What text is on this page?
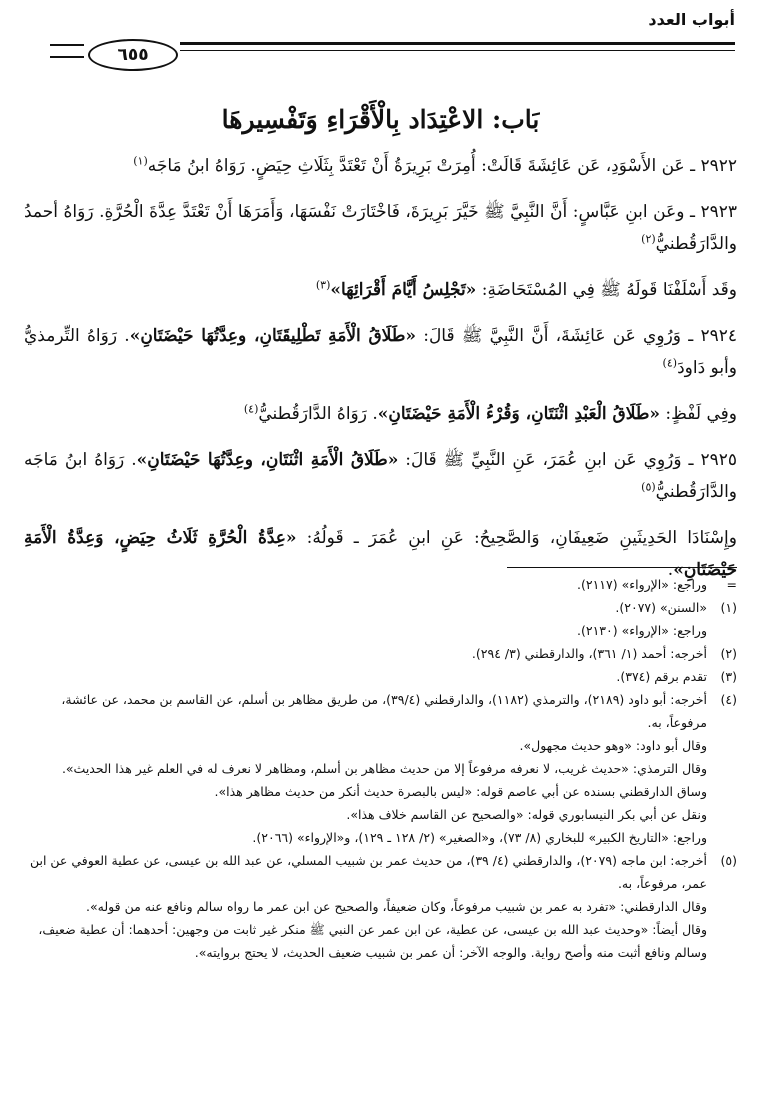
أبواب العدد
٦٥٥
بَاب: الاعْتِدَاد بِالْأَقْرَاءِ وَتَفْسِيرهَا

٢٩٢٢ ـ عَن الأَسْوَدِ، عَن عَائِشَةَ قَالَتْ: أُمِرَتْ بَرِيرَةُ أَنْ تَعْتَدَّ بِثَلَاثِ حِيَضٍ. رَوَاهُ ابنُ مَاجَه$^{(١)}$

٢٩٢٣ ـ وعَن ابنِ عَبَّاسٍ: أَنَّ النَّبِيَّ ﷺ خَيَّرَ بَرِيرَةَ، فَاخْتَارَتْ نَفْسَهَا، وَأَمَرَهَا أَنْ تَعْتَدَّ عِدَّةَ الْحُرَّةِ. رَوَاهُ أحمدُ والدَّارَقُطنيُّ$^{(٢)}$

وقَد أَسْلَفْنَا قَولَهُ ﷺ فِي المُسْتَحَاضَةِ: «تَجْلِسُ أَيَّامَ أَقْرَائِهَا»$^{(٣)}$

٢٩٢٤ ـ وَرُوِي عَن عَائِشَةَ، أَنَّ النَّبِيَّ ﷺ قَالَ: «طَلَاقُ الْأَمَةِ تَطْلِيقَتَانِ، وعِدَّتُهَا حَيْضَتَانِ». رَوَاهُ التِّرمذيُّ وأبو دَاودَ$^{(٤)}$

وفِي لَفْظٍ: «طَلَاقُ الْعَبْدِ اثْنَتَانِ، وَقُرْءُ الْأَمَةِ حَيْضَتَانِ». رَوَاهُ الدَّارَقُطنيُّ$^{(٤)}$

٢٩٢٥ ـ وَرُوِي عَن ابنِ عُمَرَ، عَنِ النَّبِيِّ ﷺ قَالَ: «طَلَاقُ الْأَمَةِ اثْنَتَانِ، وعِدَّتُهَا حَيْضَتَانِ». رَوَاهُ ابنُ مَاجَه والدَّارَقُطنيُّ$^{(٥)}$

وإِسْنَادَا الحَدِيثَينِ ضَعِيفَانِ، وَالصَّحِيحُ: عَنِ ابنِ عُمَرَ ـ قَولُهُ: «عِدَّةُ الْحُرَّةِ ثَلَاثُ حِيَضٍ، وَعِدَّةُ الْأَمَةِ حَيْضَتَانِ».

=
وراجع: «الإرواء» (٢١١٧).
(١)
«السنن» (٢٠٧٧).
وراجع: «الإرواء» (٢١٣٠).
(٢)
أخرجه: أحمد (١/ ٣٦١)، والدارقطني (٣/ ٢٩٤).
(٣)
تقدم برقم (٣٧٤).
(٤)
أخرجه: أبو داود (٢١٨٩)، والترمذي (١١٨٢)، والدارقطني (٣٩/٤)، من طريق مظاهر بن أسلم، عن القاسم بن محمد، عن عائشة، مرفوعاً، به.
وقال أبو داود: «وهو حديث مجهول».
وقال الترمذي: «حديث غريب، لا نعرفه مرفوعاً إلا من حديث مظاهر بن أسلم، ومظاهر لا نعرف له في العلم غير هذا الحديث».
وساق الدارقطني بسنده عن أبي عاصم قوله: «ليس بالبصرة حديث أنكر من حديث مظاهر هذا».
ونقل عن أبي بكر النيسابوري قوله: «والصحيح عن القاسم خلاف هذا».
وراجع: «التاريخ الكبير» للبخاري (٨/ ٧٣)، و«الصغير» (٢/ ١٢٨ ـ ١٢٩)، و«الإرواء» (٢٠٦٦).
(٥)
أخرجه: ابن ماجه (٢٠٧٩)، والدارقطني (٤/ ٣٩)، من حديث عمر بن شبيب المسلي، عن عبد الله بن عيسى، عن عطية العوفي عن ابن عمر، مرفوعاً، به.
وقال الدارقطني: «تفرد به عمر بن شبيب مرفوعاً، وكان ضعيفاً، والصحيح عن ابن عمر ما رواه سالم ونافع عنه من قوله».
وقال أيضاً: «وحديث عبد الله بن عيسى، عن عطية، عن ابن عمر عن النبي ﷺ منكر غير ثابت من وجهين: أحدهما: أن عطية ضعيف، وسالم ونافع أثبت منه وأصح رواية. والوجه الآخر: أن عمر بن شبيب ضعيف الحديث، لا يحتج بروايته».
